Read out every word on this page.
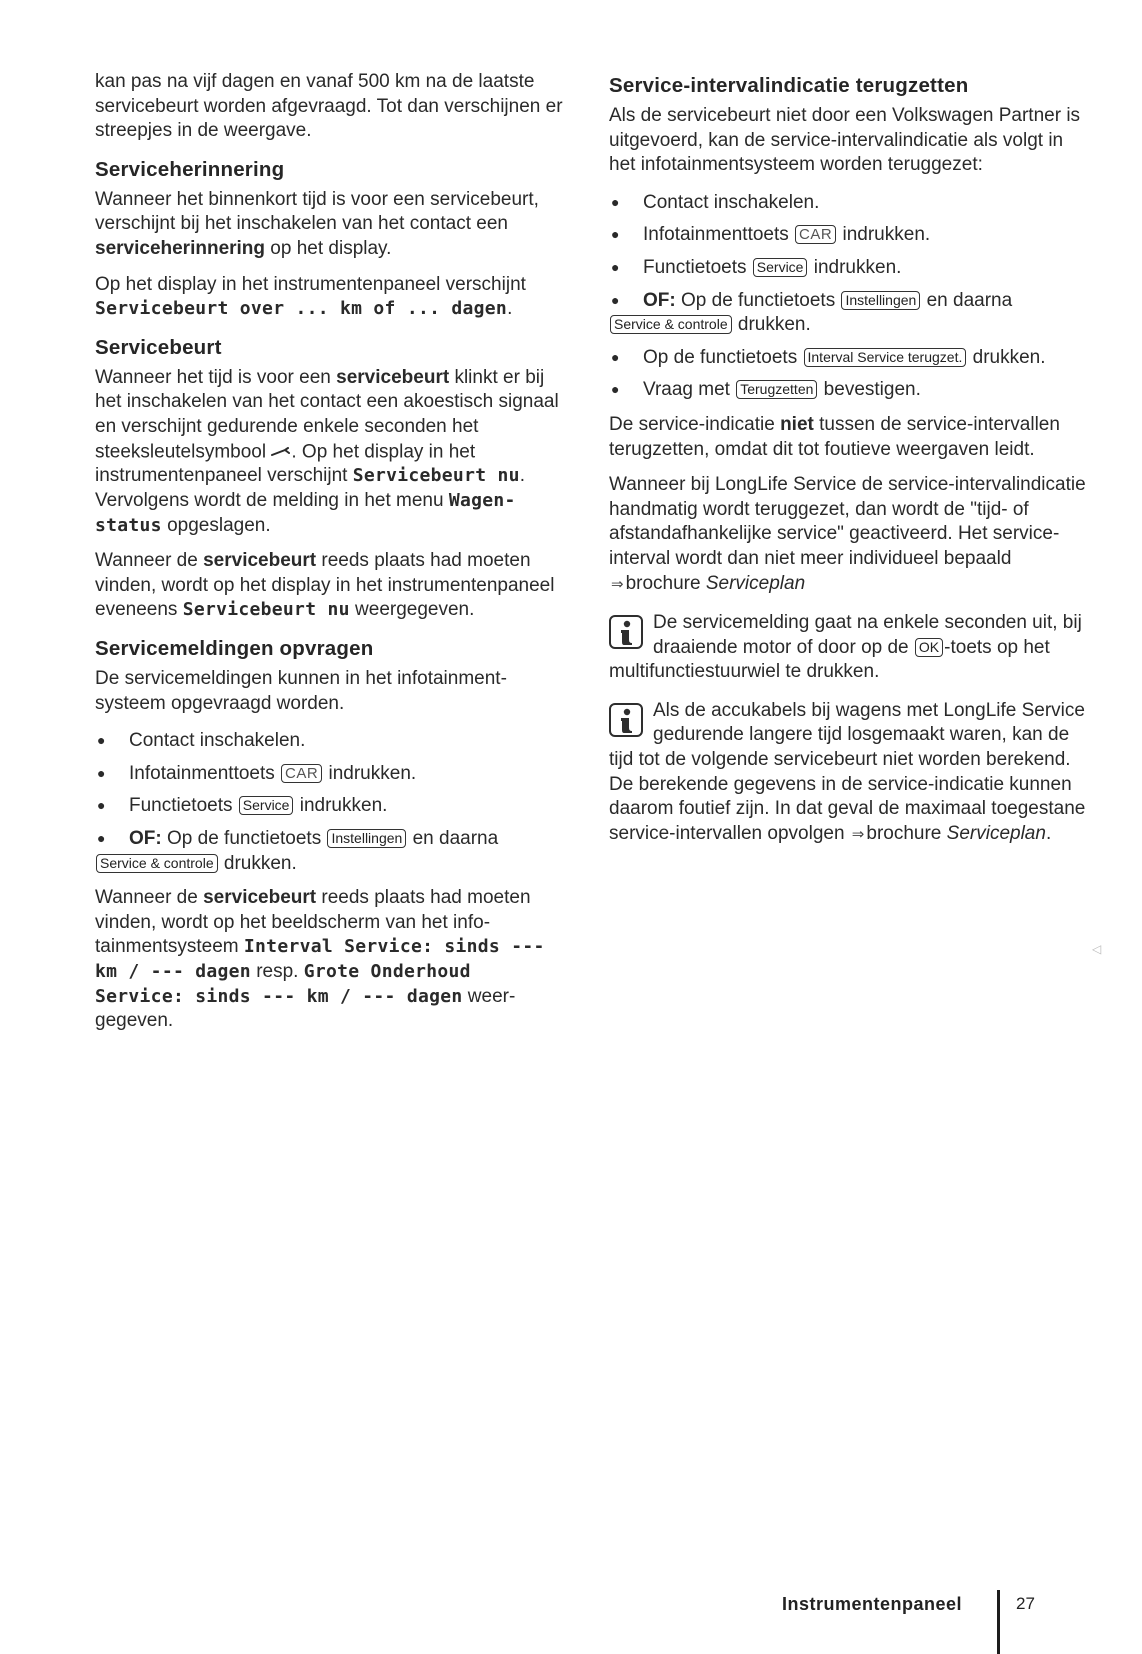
kan pas na vijf dagen en vanaf 500 km na de laatste servicebeurt worden afgevraagd. Tot dan verschijnen er streepjes in de weergave.

Serviceherinnering

Wanneer het binnenkort tijd is voor een servicebeurt, verschijnt bij het inschakelen van het contact een serviceherinnering op het display.

Op het display in het instrumentenpaneel verschijnt Servicebeurt over ... km of ... dagen.

Servicebeurt

Wanneer het tijd is voor een servicebeurt klinkt er bij het inschakelen van het contact een akoestisch signaal en verschijnt gedurende enkele seconden het steeksleutelsymbool . Op het display in het instrumentenpaneel verschijnt Servicebeurt nu. Vervolgens wordt de melding in het menu Wagenstatus opgeslagen.

Wanneer de servicebeurt reeds plaats had moeten vinden, wordt op het display in het instrumentenpaneel eveneens Servicebeurt nu weergegeven.

Servicemeldingen opvragen

De servicemeldingen kunnen in het infotainmentsysteem opgevraagd worden.

● Contact inschakelen.
● Infotainmenttoets CAR indrukken.
● Functietoets Service indrukken.
● OF: Op de functietoets Instellingen en daarna Service & controle drukken.

Wanneer de servicebeurt reeds plaats had moeten vinden, wordt op het beeldscherm van het infotainmentsysteem Interval Service: sinds --- km / --- dagen resp. Grote Onderhoud Service: sinds --- km / --- dagen weergegeven.

Service-intervalindicatie terugzetten

Als de servicebeurt niet door een Volkswagen Partner is uitgevoerd, kan de service-intervalindicatie als volgt in het infotainmentsysteem worden teruggezet:

● Contact inschakelen.
● Infotainmenttoets CAR indrukken.
● Functietoets Service indrukken.
● OF: Op de functietoets Instellingen en daarna Service & controle drukken.
● Op de functietoets Interval Service terugzet. drukken.
● Vraag met Terugzetten bevestigen.

De service-indicatie niet tussen de service-intervallen terugzetten, omdat dit tot foutieve weergaven leidt.

Wanneer bij LongLife Service de service-intervalindicatie handmatig wordt teruggezet, dan wordt de "tijd- of afstandafhankelijke service" geactiveerd. Het service-interval wordt dan niet meer individueel bepaald ⇒ brochure Serviceplan

De servicemelding gaat na enkele seconden uit, bij draaiende motor of door op de OK -toets op het multifunctiestuurwiel te drukken.
Als de accukabels bij wagens met LongLife Service gedurende langere tijd losgemaakt waren, kan de tijd tot de volgende servicebeurt niet worden berekend. De berekende gegevens in de service-indicatie kunnen daarom foutief zijn. In dat geval de maximaal toegestane service-intervallen opvolgen ⇒ brochure Serviceplan.
◁
Instrumentenpaneel	27
